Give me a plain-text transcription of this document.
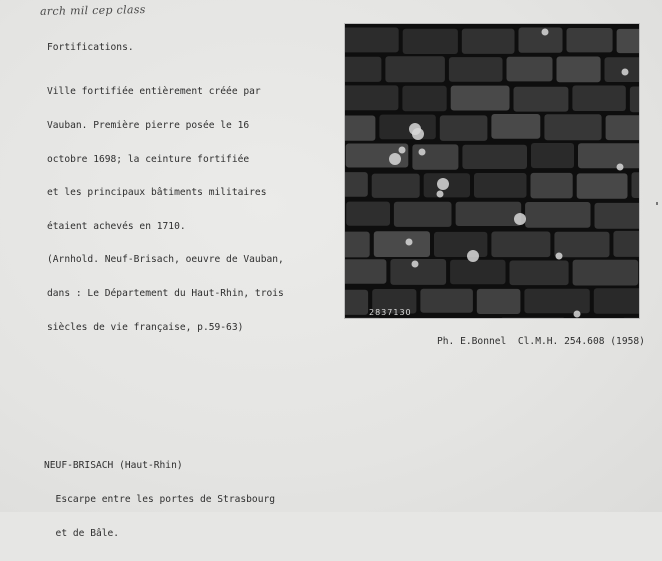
arch mil cep class
Fortifications.

Ville fortifiée entièrement créée par

Vauban. Première pierre posée le 16

octobre 1698; la ceinture fortifiée

et les principaux bâtiments militaires

étaient achevés en 1710.

(Arnhold. Neuf-Brisach, oeuvre de Vauban,

dans : Le Département du Haut-Rhin, trois

siècles de vie française, p.59-63)

2837130
Ph. E.Bonnel  Cl.M.H. 254.608 (1958)

NEUF-BRISACH (Haut-Rhin)

Escarpe entre les portes de Strasbourg

et de Bâle.
